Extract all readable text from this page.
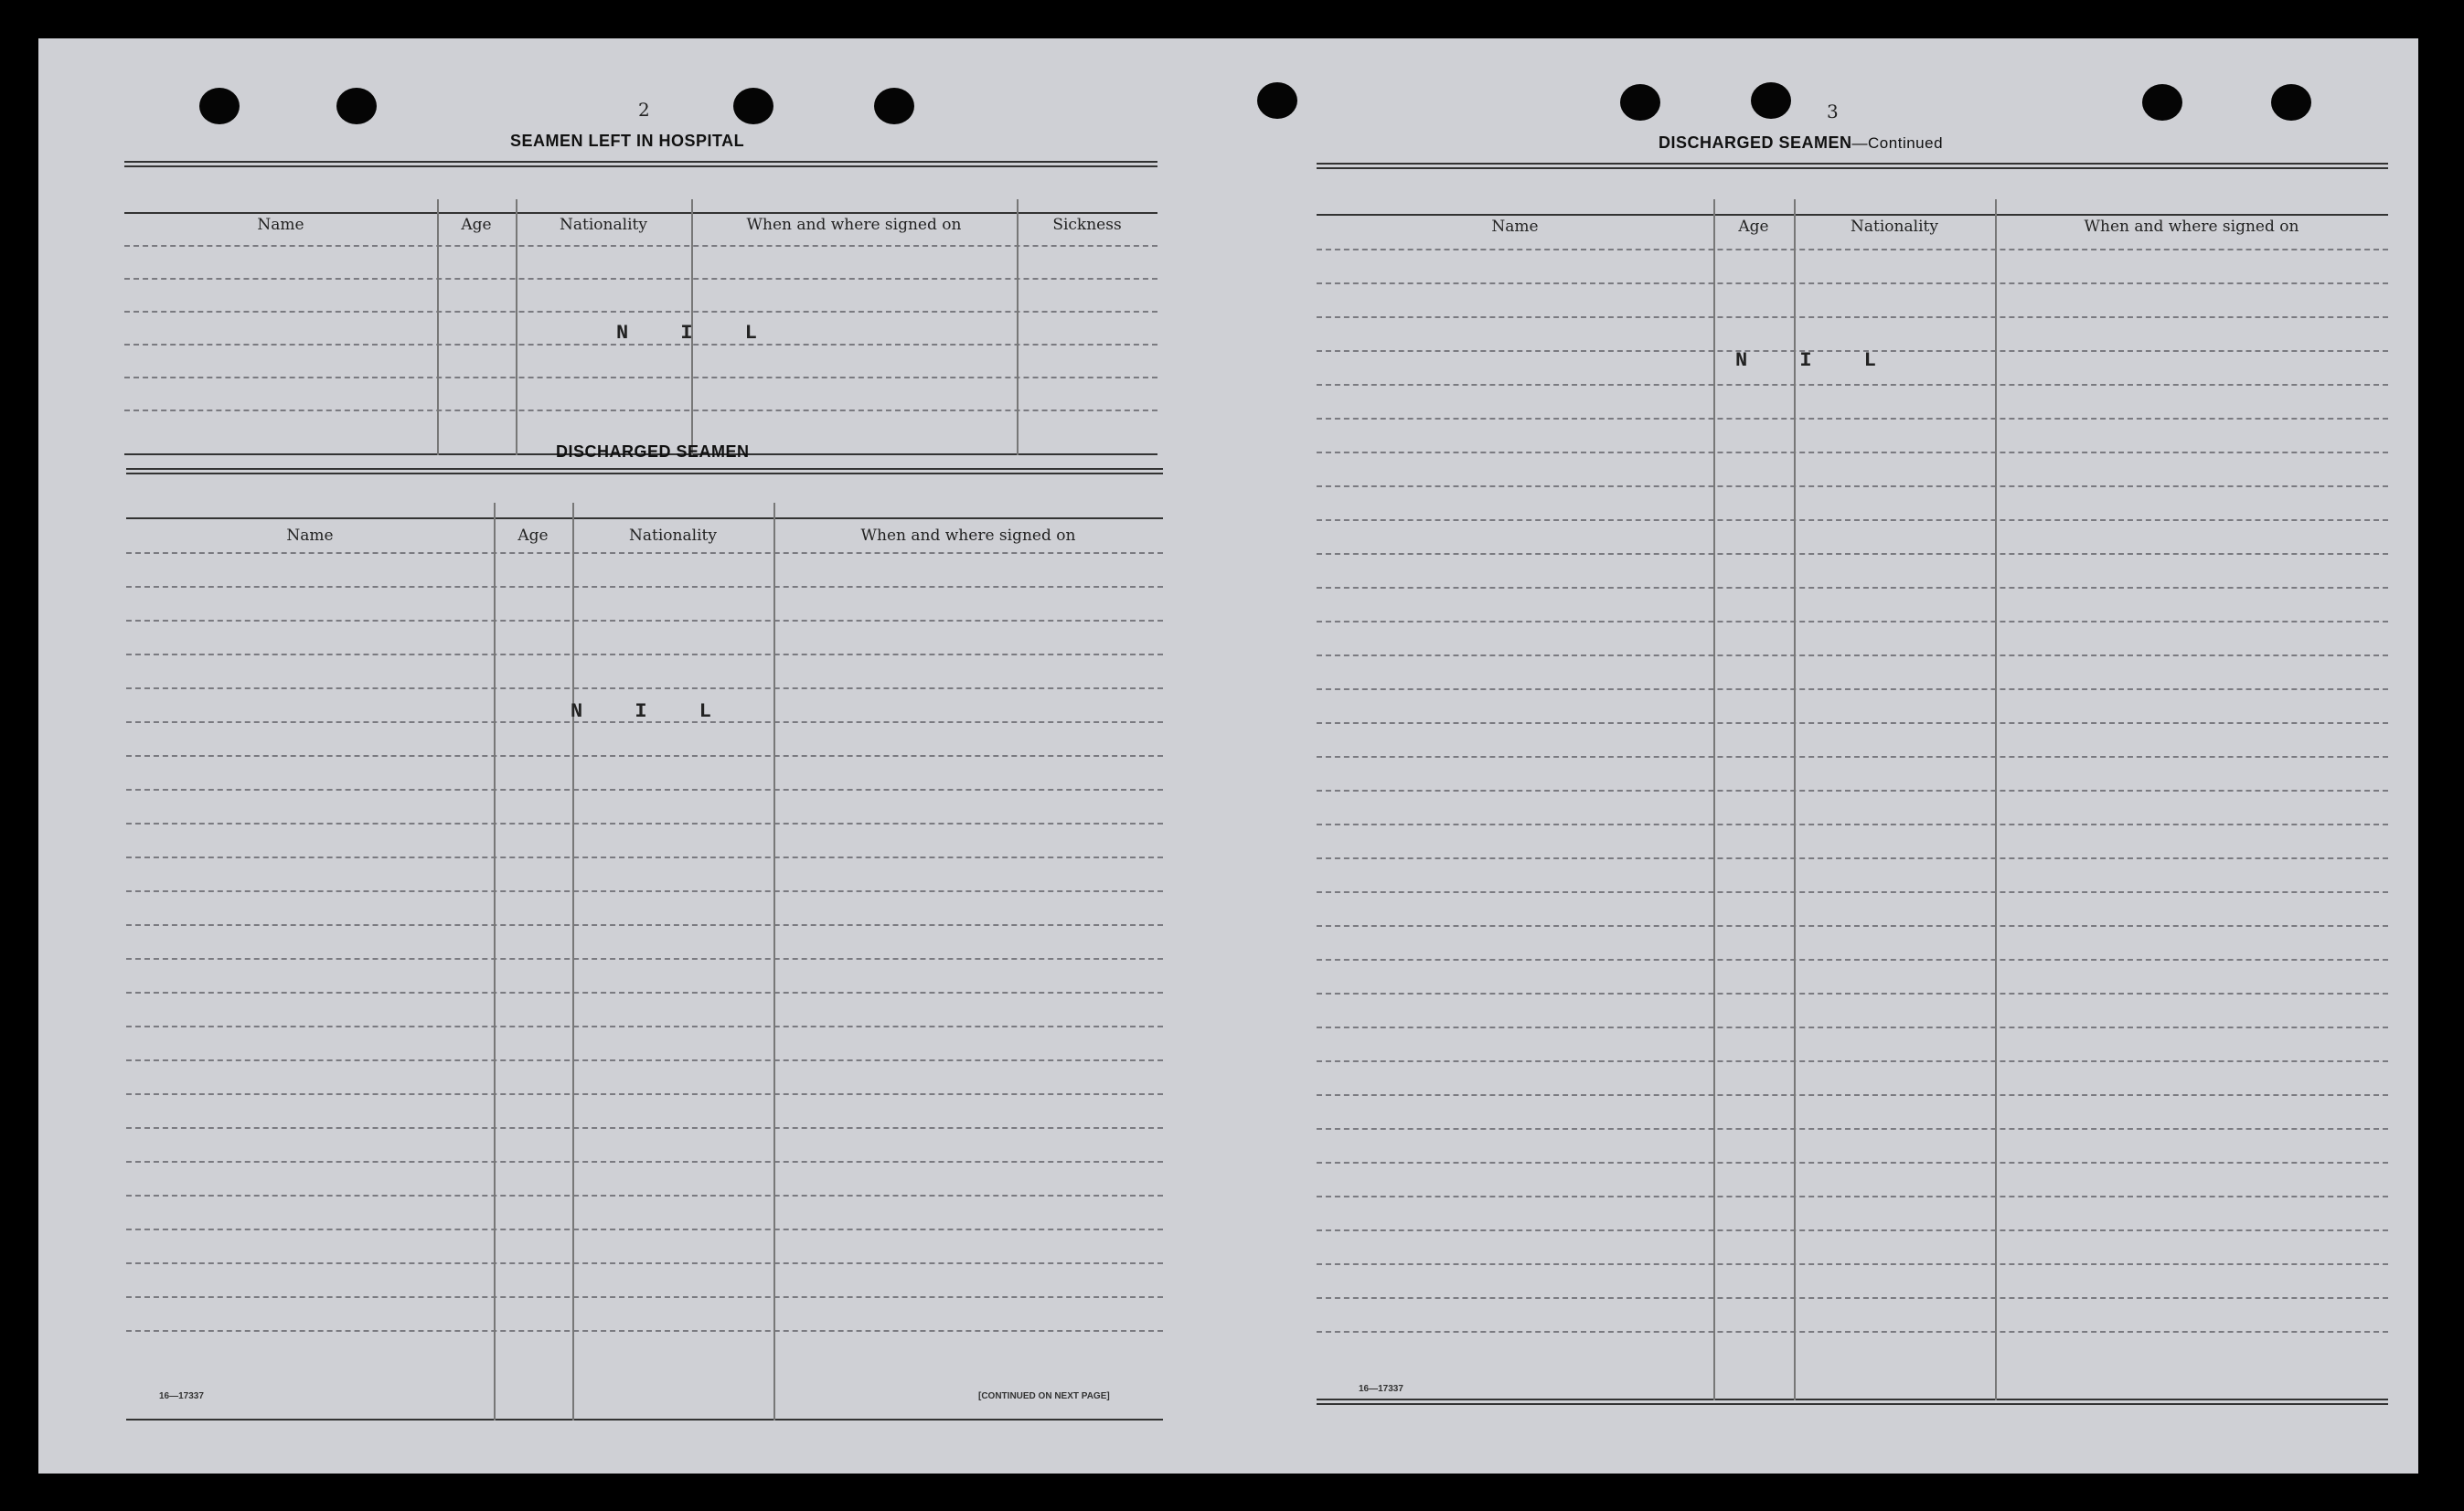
2
SEAMEN LEFT IN HOSPITAL
Name	Age	Nationality	When and where signed on	Sickness
N I L
DISCHARGED SEAMEN
Name	Age	Nationality	When and where signed on
N I L
16—17337	[CONTINUED ON NEXT PAGE]
3
DISCHARGED SEAMEN—Continued
Name	Age	Nationality	When and where signed on
N I L
16—17337
